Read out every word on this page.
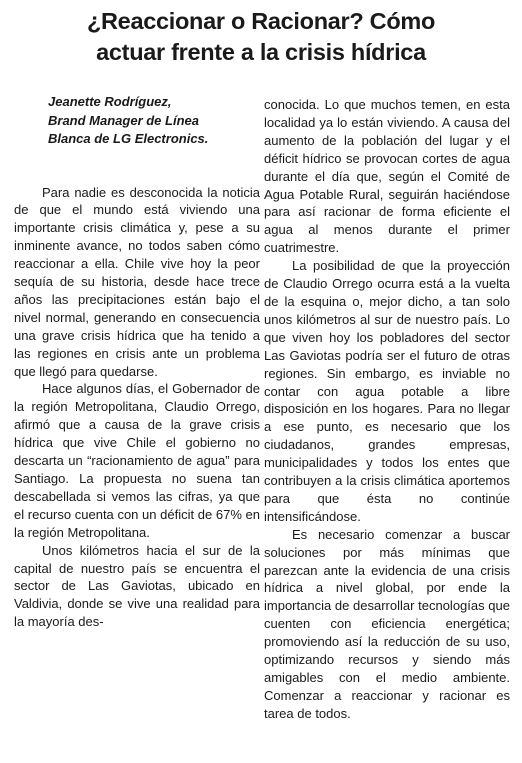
¿Reaccionar o Racionar? Cómo
actuar frente a la crisis hídrica
Jeanette Rodríguez,
Brand Manager de Línea
Blanca de LG Electronics.

Para nadie es desconocida la noticia de que el mundo está viviendo una importante crisis climática y, pese a su inminente avance, no todos saben cómo reaccionar a ella. Chile vive hoy la peor sequía de su historia, desde hace trece años las precipitaciones están bajo el nivel normal, generando en consecuencia una grave crisis hídrica que ha tenido a las regiones en crisis ante un problema que llegó para quedarse.

Hace algunos días, el Gobernador de la región Metropolitana, Claudio Orrego, afirmó que a causa de la grave crisis hídrica que vive Chile el gobierno no descarta un “racionamiento de agua” para Santiago. La propuesta no suena tan descabellada si vemos las cifras, ya que el recurso cuenta con un déficit de 67% en la región Metropolitana.

Unos kilómetros hacia el sur de la capital de nuestro país se encuentra el sector de Las Gaviotas, ubicado en Valdivia, donde se vive una realidad para la mayoría des-

conocida. Lo que muchos temen, en esta localidad ya lo están viviendo. A causa del aumento de la población del lugar y el déficit hídrico se provocan cortes de agua durante el día que, según el Comité de Agua Potable Rural, seguirán haciéndose para así racionar de forma eficiente el agua al menos durante el primer cuatrimestre.

La posibilidad de que la proyección de Claudio Orrego ocurra está a la vuelta de la esquina o, mejor dicho, a tan solo unos kilómetros al sur de nuestro país. Lo que viven hoy los pobladores del sector Las Gaviotas podría ser el futuro de otras regiones. Sin embargo, es inviable no contar con agua potable a libre disposición en los hogares. Para no llegar a ese punto, es necesario que los ciudadanos, grandes empresas, municipalidades y todos los entes que contribuyen a la crisis climática aportemos para que ésta no continúe intensificándose.

Es necesario comenzar a buscar soluciones por más mínimas que parezcan ante la evidencia de una crisis hídrica a nivel global, por ende la importancia de desarrollar tecnologías que cuenten con eficiencia energética; promoviendo así la reducción de su uso, optimizando recursos y siendo más amigables con el medio ambiente. Comenzar a reaccionar y racionar es tarea de todos.
